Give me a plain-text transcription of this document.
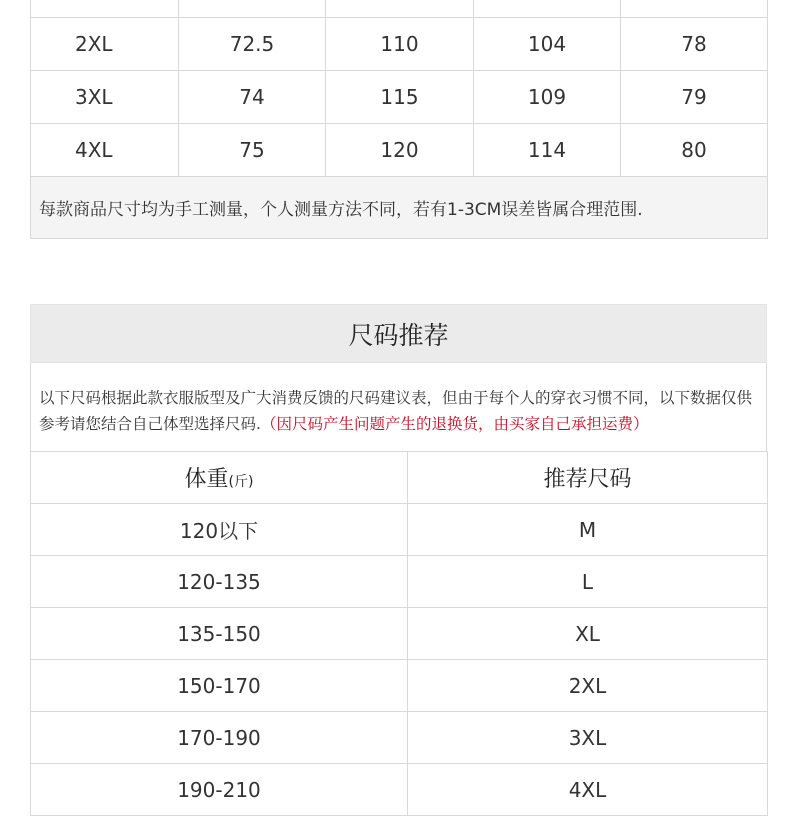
2XL	72.5	110	104	78
3XL	74	115	109	79
4XL	75	120	114	80
每款商品尺寸均为手工测量，个人测量方法不同，若有1-3CM误差皆属合理范围.				
尺码推荐
以下尺码根据此款衣服版型及广大消费反馈的尺码建议表，但由于每个人的穿衣习惯不同，以下数据仅供参考请您结合自己体型选择尺码.（因尺码产生问题产生的退换货，由买家自己承担运费）
体重(斤)	推荐尺码
120以下	M
120-135	L
135-150	XL
150-170	2XL
170-190	3XL
190-210	4XL
